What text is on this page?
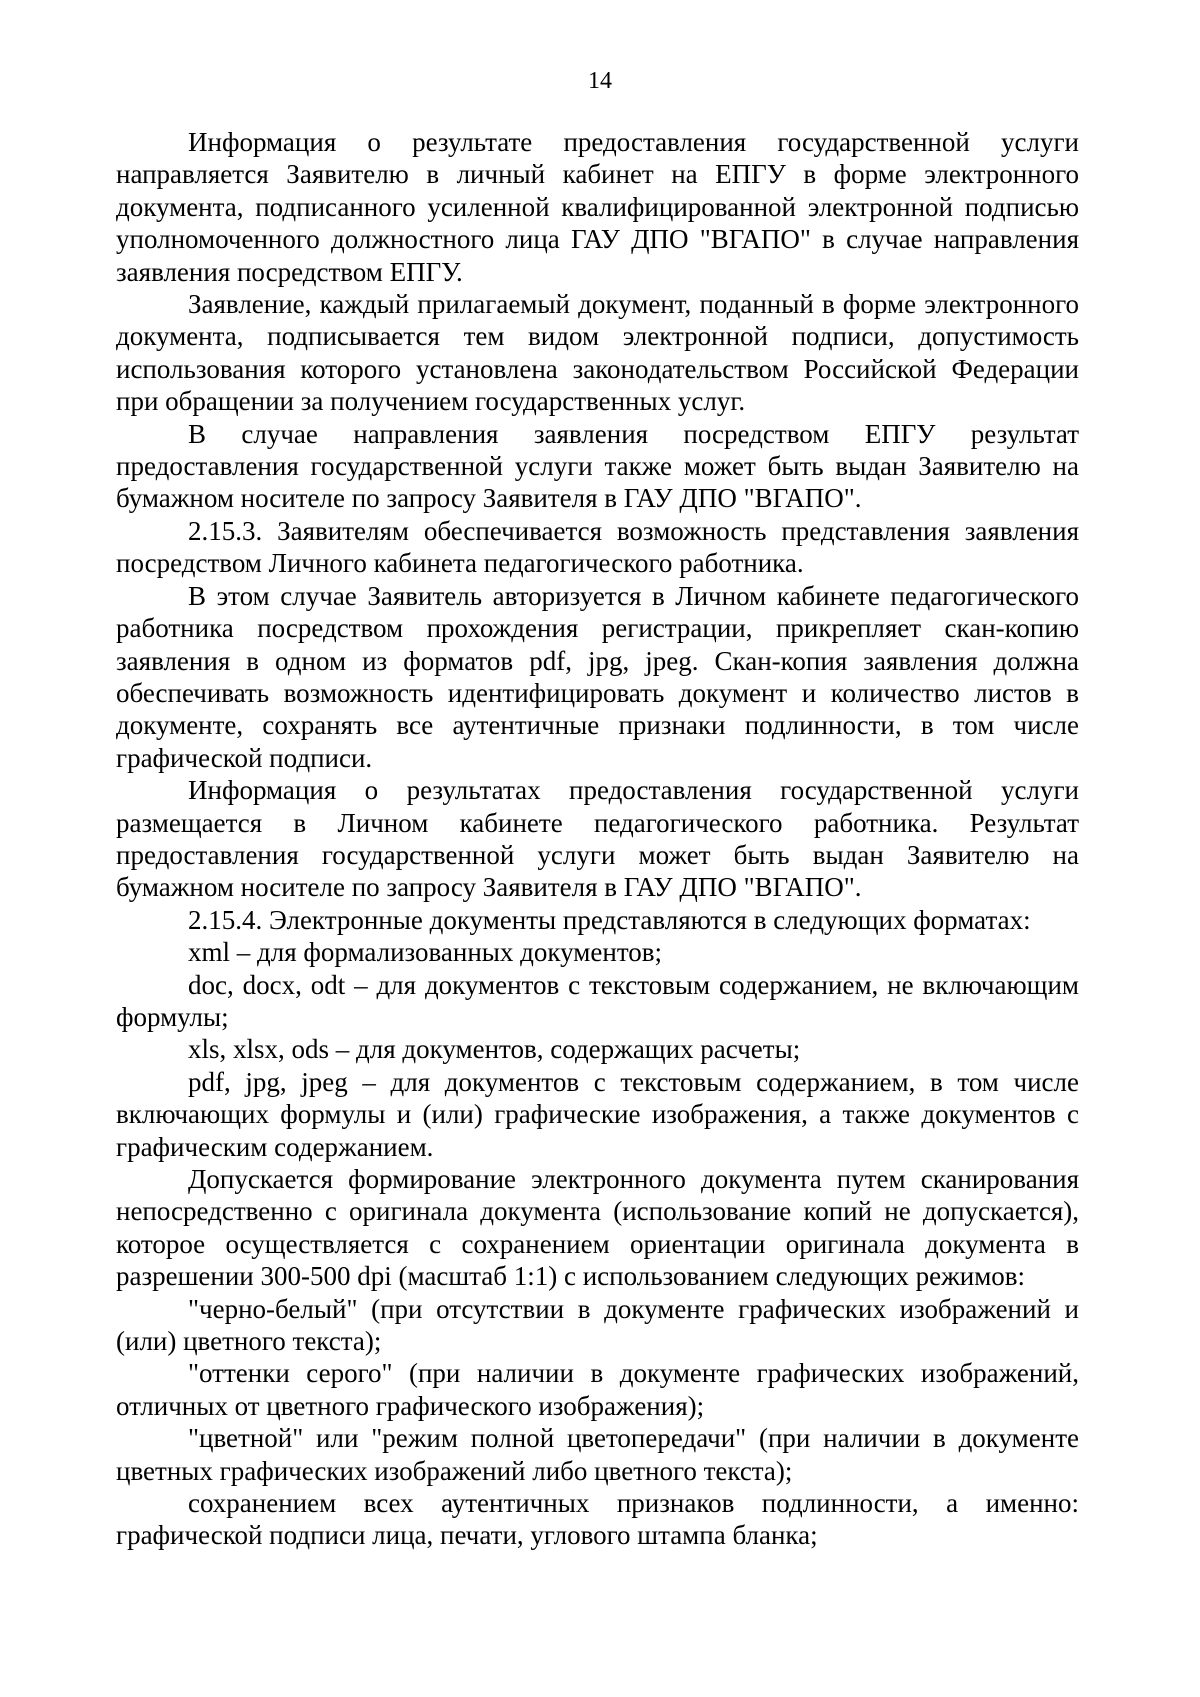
14

Информация о результате предоставления государственной услуги направляется Заявителю в личный кабинет на ЕПГУ в форме электронного документа, подписанного усиленной квалифицированной электронной подписью уполномоченного должностного лица ГАУ ДПО "ВГАПО" в случае направления заявления посредством ЕПГУ.

Заявление, каждый прилагаемый документ, поданный в форме электронного документа, подписывается тем видом электронной подписи, допустимость использования которого установлена законодательством Российской Федерации при обращении за получением государственных услуг.

В случае направления заявления посредством ЕПГУ результат предоставления государственной услуги также может быть выдан Заявителю на бумажном носителе по запросу Заявителя в ГАУ ДПО "ВГАПО".

2.15.3. Заявителям обеспечивается возможность представления заявления посредством Личного кабинета педагогического работника.

В этом случае Заявитель авторизуется в Личном кабинете педагогического работника посредством прохождения регистрации, прикрепляет скан-копию заявления в одном из форматов pdf, jpg, jpeg. Скан-копия заявления должна обеспечивать возможность идентифицировать документ и количество листов в документе, сохранять все аутентичные признаки подлинности, в том числе графической подписи.

Информация о результатах предоставления государственной услуги размещается в Личном кабинете педагогического работника. Результат предоставления государственной услуги может быть выдан Заявителю на бумажном носителе по запросу Заявителя в ГАУ ДПО "ВГАПО".

2.15.4. Электронные документы представляются в следующих форматах:

xml – для формализованных документов;

doc, docx, odt – для документов с текстовым содержанием, не включающим формулы;

xls, xlsx, ods – для документов, содержащих расчеты;

pdf, jpg, jpeg – для документов с текстовым содержанием, в том числе включающих формулы и (или) графические изображения, а также документов с графическим содержанием.

Допускается формирование электронного документа путем сканирования непосредственно с оригинала документа (использование копий не допускается), которое осуществляется с сохранением ориентации оригинала документа в разрешении 300-500 dpi (масштаб 1:1) с использованием следующих режимов:

"черно-белый" (при отсутствии в документе графических изображений и (или) цветного текста);

"оттенки серого" (при наличии в документе графических изображений, отличных от цветного графического изображения);

"цветной" или "режим полной цветопередачи" (при наличии в документе цветных графических изображений либо цветного текста);

сохранением всех аутентичных признаков подлинности, а именно: графической подписи лица, печати, углового штампа бланка;
